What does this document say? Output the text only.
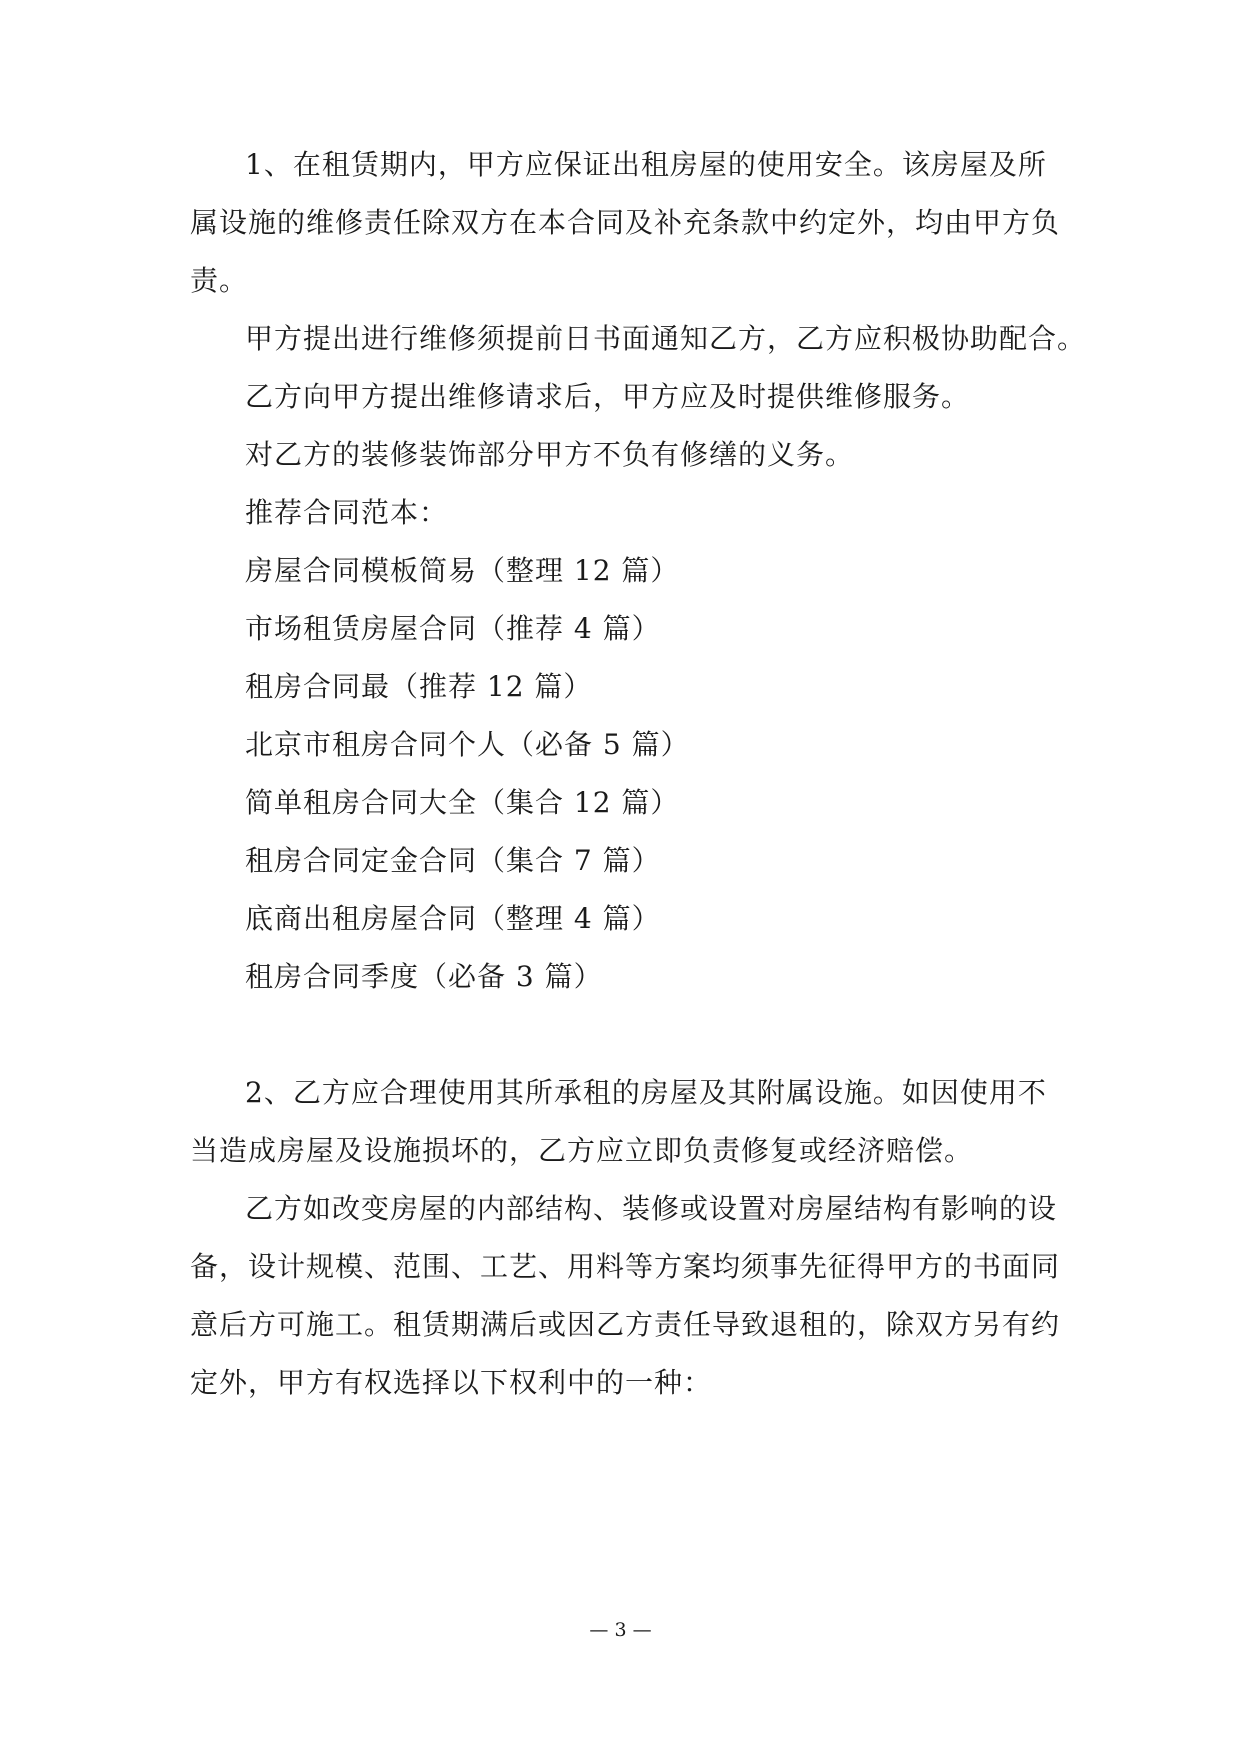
1、在租赁期内，甲方应保证出租房屋的使用安全。该房屋及所
属设施的维修责任除双方在本合同及补充条款中约定外，均由甲方负
责。
甲方提出进行维修须提前日书面通知乙方，乙方应积极协助配合。
乙方向甲方提出维修请求后，甲方应及时提供维修服务。
对乙方的装修装饰部分甲方不负有修缮的义务。
推荐合同范本：
房屋合同模板简易（整理 12 篇）
市场租赁房屋合同（推荐 4 篇）
租房合同最（推荐 12 篇）
北京市租房合同个人（必备 5 篇）
简单租房合同大全（集合 12 篇）
租房合同定金合同（集合 7 篇）
底商出租房屋合同（整理 4 篇）
租房合同季度（必备 3 篇）
2、乙方应合理使用其所承租的房屋及其附属设施。如因使用不
当造成房屋及设施损坏的，乙方应立即负责修复或经济赔偿。
乙方如改变房屋的内部结构、装修或设置对房屋结构有影响的设
备，设计规模、范围、工艺、用料等方案均须事先征得甲方的书面同
意后方可施工。租赁期满后或因乙方责任导致退租的，除双方另有约
定外，甲方有权选择以下权利中的一种：
— 3 —
